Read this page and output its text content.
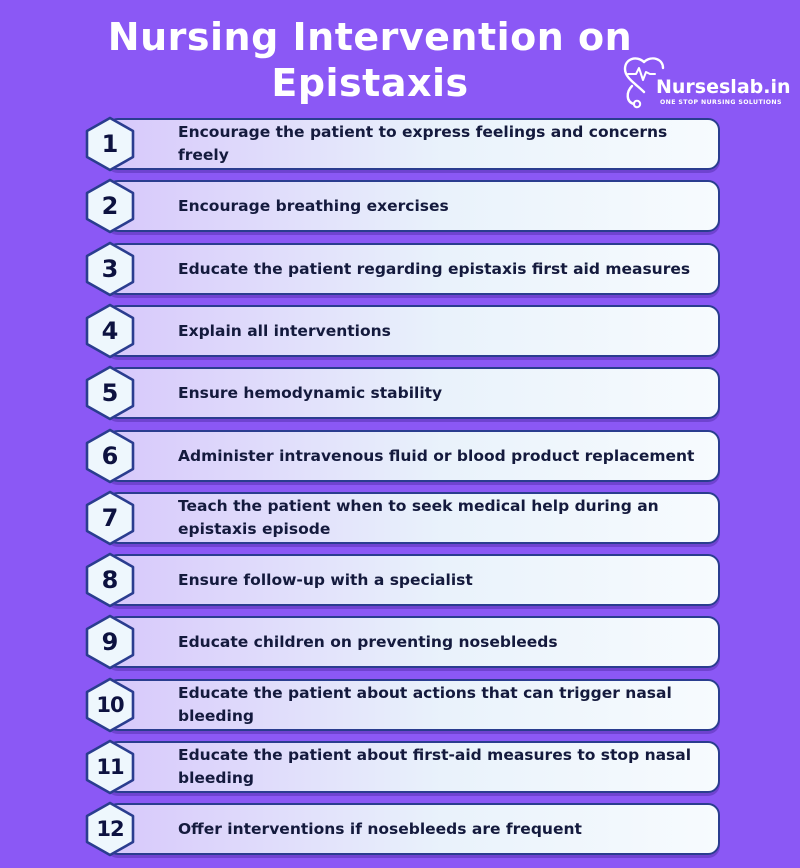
Nursing Intervention on
Epistaxis	Nurseslab.in
ONE STOP NURSING SOLUTIONS
Encourage the patient to express feelings and concerns freely
1
Encourage breathing exercises
2
Educate the patient regarding epistaxis first aid measures
3
Explain all interventions
4
Ensure hemodynamic stability
5
Administer intravenous fluid or blood product replacement
6
Teach the patient when to seek medical help during an epistaxis episode
7
Ensure follow-up with a specialist
8
Educate children on preventing nosebleeds
9
Educate the patient about actions that can trigger nasal bleeding
10
Educate the patient about first-aid measures to stop nasal bleeding
11
Offer interventions if nosebleeds are frequent
12
